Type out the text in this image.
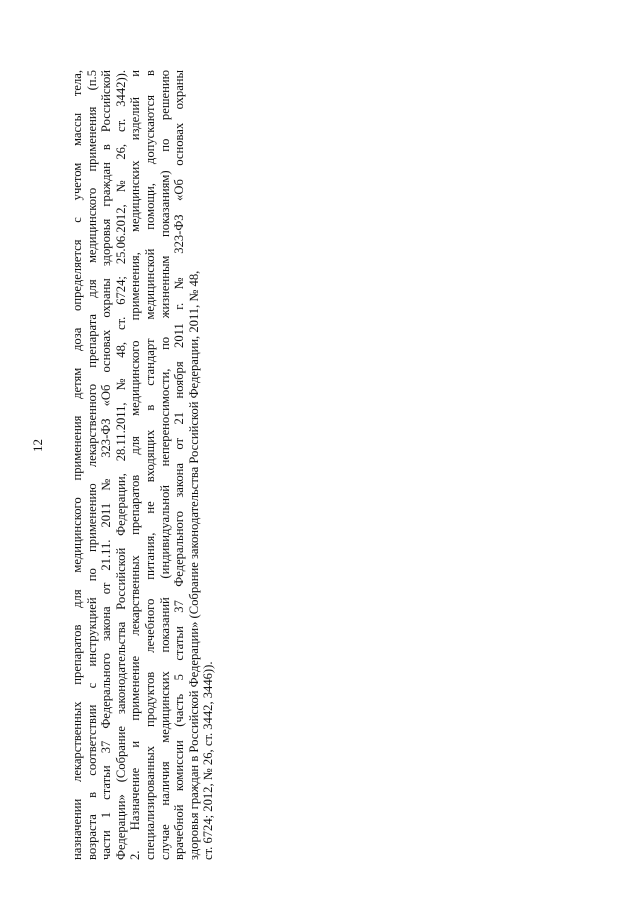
12 назначении лекарственных препаратов для медицинского применения детям доза определяется с учетом массы тела, возраста в соответствии с инструкцией по применению лекарственного препарата для медицинского применения (п.5 части 1 статьи 37 Федерального закона от 21.11. 2011 № 323-ФЗ «Об основах охраны здоровья граждан в Российской Федерации» (Собрание законодательства Российской Федерации, 28.11.2011, № 48, ст. 6724; 25.06.2012, № 26, ст. 3442)). 2. Назначение и применение лекарственных препаратов для медицинского применения, медицинских изделий и специализированных продуктов лечебного питания, не входящих в стандарт медицинской помощи, допускаются в случае наличия медицинских показаний (индивидуальной непереносимости, по жизненным показаниям) по решению врачебной комиссии (часть 5 статьи 37 Федерального закона от 21 ноября 2011 г. № 323-ФЗ «Об основах охраны здоровья граждан в Российской Федерации» (Собрание законодательства Российской Федерации, 2011, № 48, ст. 6724; 2012, № 26, ст. 3442, 3446)).
